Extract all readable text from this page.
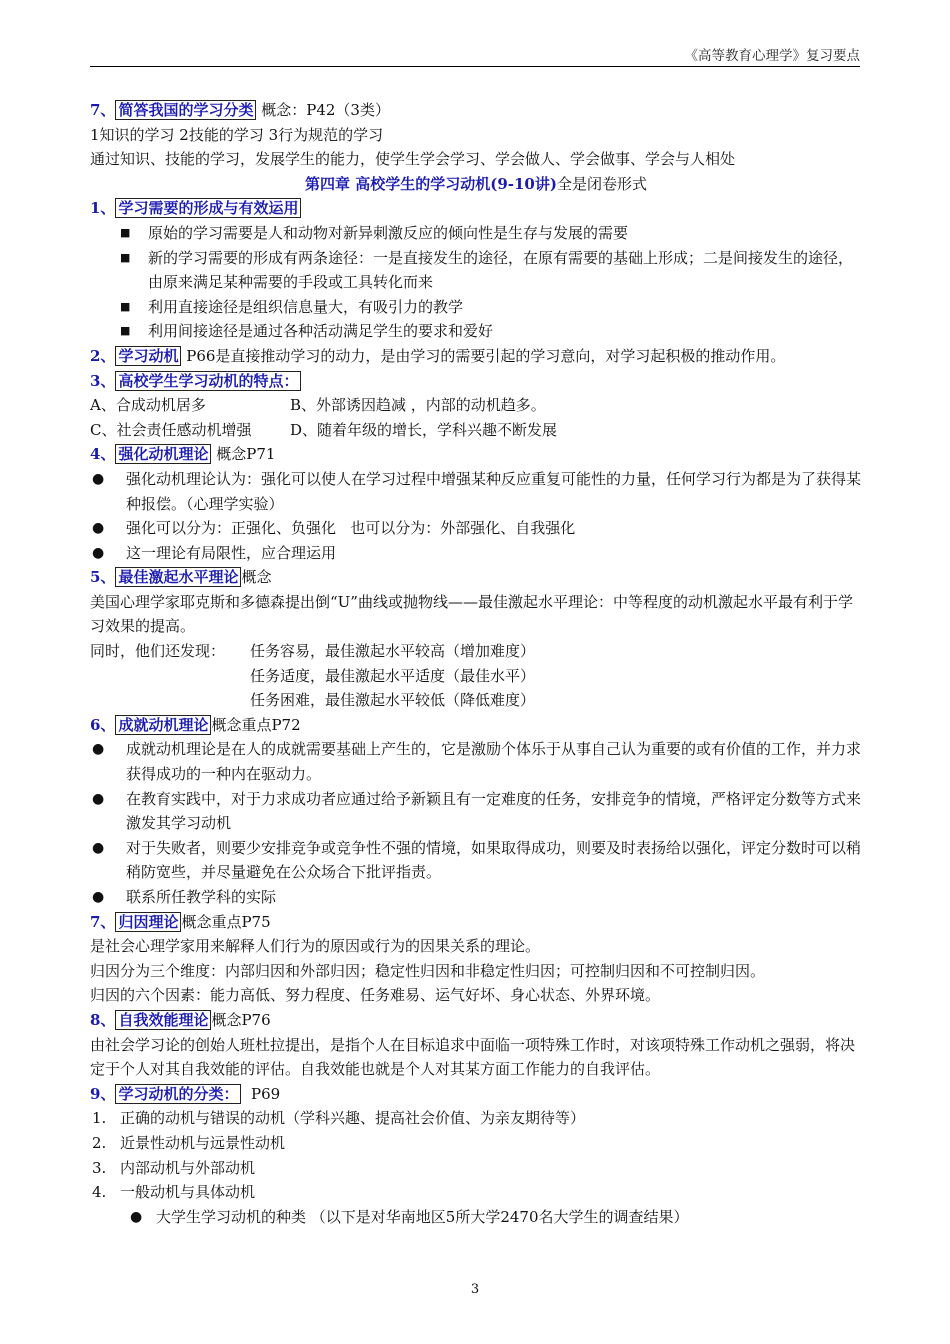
《高等教育心理学》复习要点
7、 简答我国的学习分类 概念：P42（3类）
1知识的学习 2技能的学习 3行为规范的学习
通过知识、技能的学习，发展学生的能力，使学生学会学习、学会做人、学会做事、学会与人相处
第四章 高校学生的学习动机(9-10讲)全是闭卷形式
1、 学习需要的形成与有效运用
■ 原始的学习需要是人和动物对新异刺激反应的倾向性是生存与发展的需要
■ 新的学习需要的形成有两条途径：一是直接发生的途径，在原有需要的基础上形成；二是间接发生的途径，由原来满足某种需要的手段或工具转化而来
■ 利用直接途径是组织信息量大，有吸引力的教学
■ 利用间接途径是通过各种活动满足学生的要求和爱好
2、 学习动机 P66是直接推动学习的动力，是由学习的需要引起的学习意向，对学习起积极的推动作用。
3、 高校学生学习动机的特点：
A、合成动机居多	B、外部诱因趋减 ，内部的动机趋多。
C、社会责任感动机增强	D、随着年级的增长，学科兴趣不断发展
4、 强化动机理论 概念P71
● 强化动机理论认为：强化可以使人在学习过程中增强某种反应重复可能性的力量，任何学习行为都是为了获得某种报偿。（心理学实验）
● 强化可以分为：正强化、负强化   也可以分为：外部强化、自我强化
● 这一理论有局限性，应合理运用
5、 最佳激起水平理论 概念
美国心理学家耶克斯和多德森提出倒“U”曲线或抛物线——最佳激起水平理论：中等程度的动机激起水平最有利于学习效果的提高。
同时，他们还发现： 任务容易，最佳激起水平较高（增加难度）
任务适度，最佳激起水平适度（最佳水平）
任务困难，最佳激起水平较低（降低难度）
6、 成就动机理论 概念重点P72
● 成就动机理论是在人的成就需要基础上产生的，它是激励个体乐于从事自己认为重要的或有价值的工作，并力求获得成功的一种内在驱动力。
● 在教育实践中，对于力求成功者应通过给予新颖且有一定难度的任务，安排竞争的情境，严格评定分数等方式来激发其学习动机
● 对于失败者，则要少安排竞争或竞争性不强的情境，如果取得成功，则要及时表扬给以强化，评定分数时可以稍稍防宽些，并尽量避免在公众场合下批评指责。
● 联系所任教学科的实际
7、 归因理论 概念重点P75
是社会心理学家用来解释人们行为的原因或行为的因果关系的理论。
归因分为三个维度：内部归因和外部归因；稳定性归因和非稳定性归因；可控制归因和不可控制归因。
归因的六个因素：能力高低、努力程度、任务难易、运气好坏、身心状态、外界环境。
8、 自我效能理论 概念P76
由社会学习论的创始人班杜拉提出，是指个人在目标追求中面临一项特殊工作时，对该项特殊工作动机之强弱，将决定于个人对其自我效能的评估。自我效能也就是个人对其某方面工作能力的自我评估。
9、 学习动机的分类：  P69
1. 正确的动机与错误的动机（学科兴趣、提高社会价值、为亲友期待等）
2. 近景性动机与远景性动机
3. 内部动机与外部动机
4. 一般动机与具体动机
● 大学生学习动机的种类 （以下是对华南地区5所大学2470名大学生的调查结果）
3
